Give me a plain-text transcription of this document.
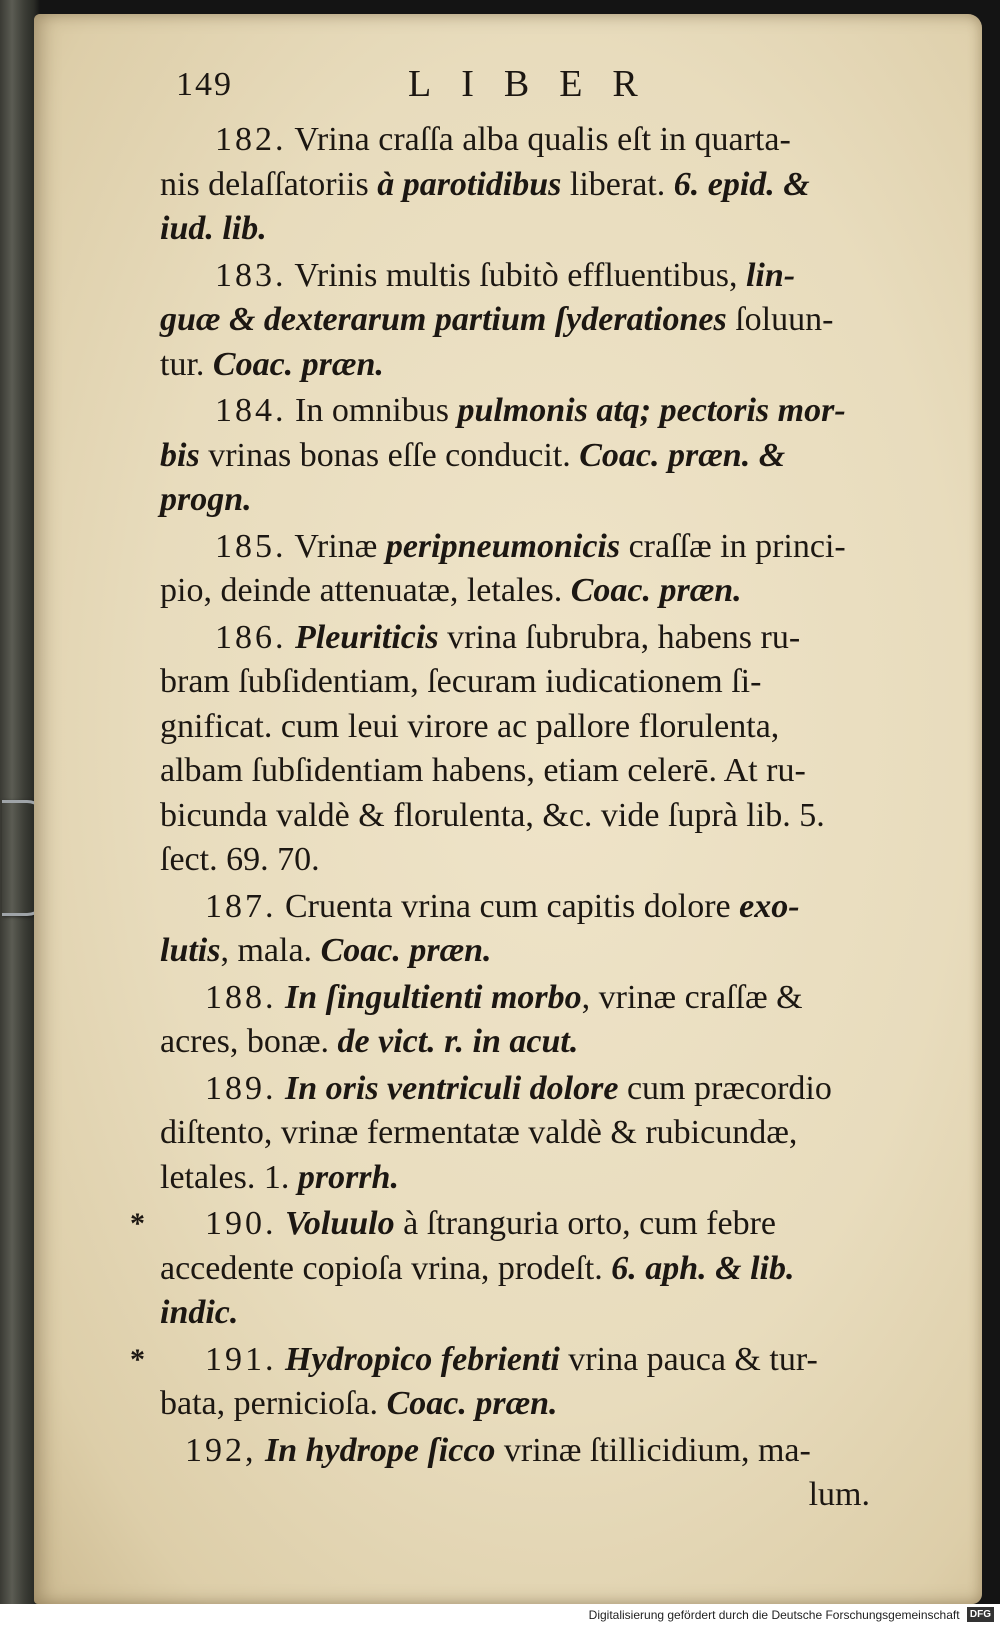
149	LIBER
182. Vrina craſſa alba qualis eſt in quarta-
nis delaſſatoriis à parotidibus liberat. 6. epid. &
iud. lib.
183. Vrinis multis ſubitò effluentibus, lin-
guæ & dexterarum partium ſyderationes ſoluun-
tur. Coac. præn.
184. In omnibus pulmonis atq; pectoris mor-
bis vrinas bonas eſſe conducit. Coac. præn. &
progn.
185. Vrinæ peripneumonicis craſſæ in princi-
pio, deinde attenuatæ, letales. Coac. præn.
186. Pleuriticis vrina ſubrubra, habens ru-
bram ſubſidentiam, ſecuram iudicationem ſi-
gnificat. cum leui virore ac pallore florulenta,
albam ſubſidentiam habens, etiam celerē. At ru-
bicunda valdè & florulenta, &c. vide ſuprà lib. 5.
ſect. 69. 70.
187. Cruenta vrina cum capitis dolore exo-
lutis, mala. Coac. præn.
188. In ſingultienti morbo, vrinæ craſſæ &
acres, bonæ. de vict. r. in acut.
189. In oris ventriculi dolore cum præcordio
diſtento, vrinæ fermentatæ valdè & rubicundæ,
letales. 1. prorrh.
*	190. Voluulo à ſtranguria orto, cum febre
accedente copioſa vrina, prodeſt. 6. aph. & lib.
indic.
*	191. Hydropico febrienti vrina pauca & tur-
bata, pernicioſa. Coac. præn.
192, In hydrope ſicco vrinæ ſtillicidium, ma-
lum.
Digitalisierung gefördert durch die Deutsche Forschungsgemeinschaft DFG
